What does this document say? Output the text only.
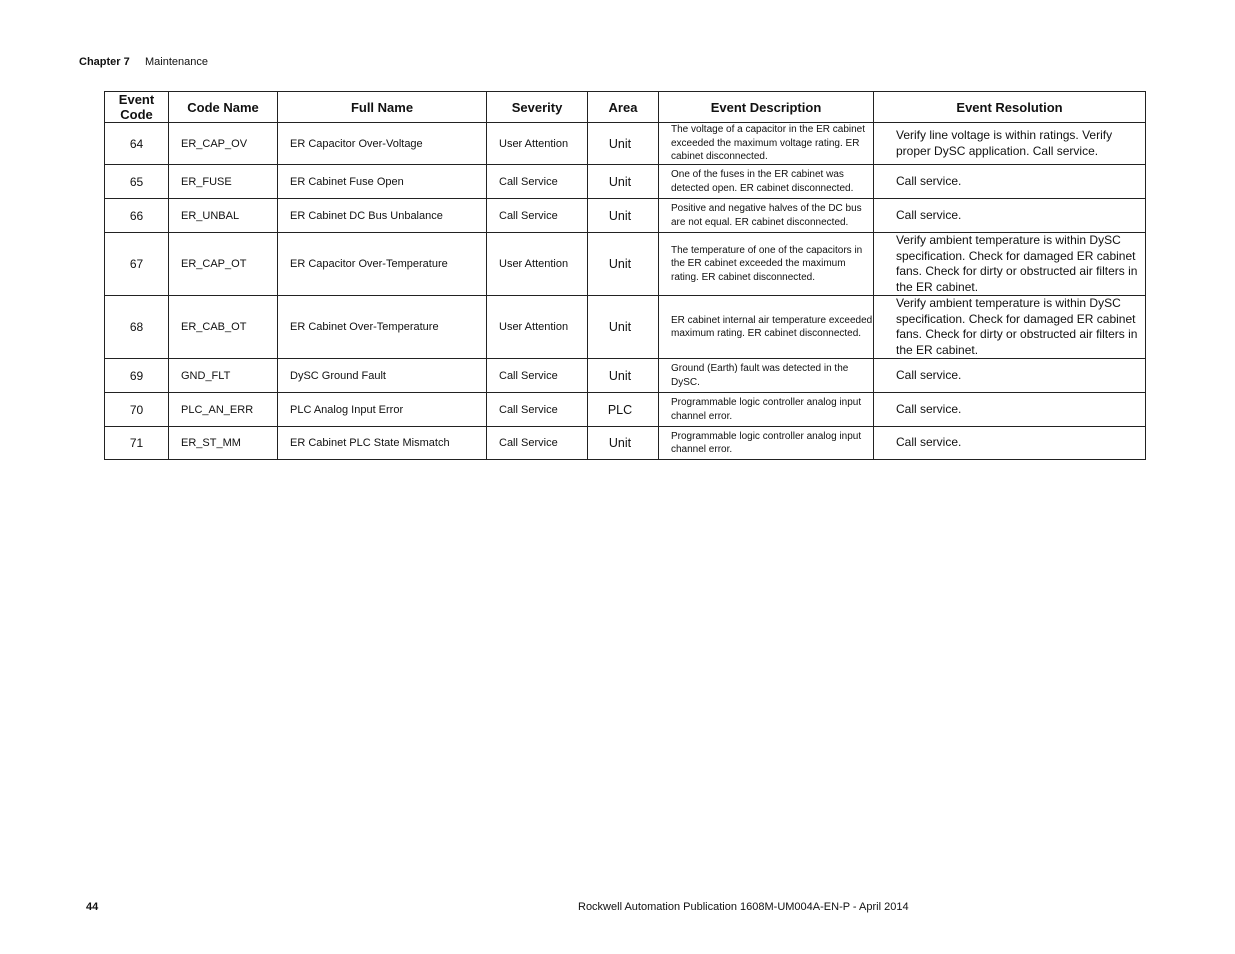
Chapter 7	Maintenance
Event Code	Code Name	Full Name	Severity	Area	Event Description	Event Resolution
64	ER_CAP_OV	ER Capacitor Over-Voltage	User Attention	Unit	The voltage of a capacitor in the ER cabinet exceeded the maximum voltage rating. ER cabinet disconnected.	Verify line voltage is within ratings. Verify proper DySC application. Call service.
65	ER_FUSE	ER Cabinet Fuse Open	Call Service	Unit	One of the fuses in the ER cabinet was detected open. ER cabinet disconnected.	Call service.
66	ER_UNBAL	ER Cabinet DC Bus Unbalance	Call Service	Unit	Positive and negative halves of the DC bus are not equal. ER cabinet disconnected.	Call service.
67	ER_CAP_OT	ER Capacitor Over-Temperature	User Attention	Unit	The temperature of one of the capacitors in the ER cabinet exceeded the maximum rating. ER cabinet disconnected.	Verify ambient temperature is within DySC specification. Check for damaged ER cabinet fans. Check for dirty or obstructed air filters in the ER cabinet.
68	ER_CAB_OT	ER Cabinet Over-Temperature	User Attention	Unit	ER cabinet internal air temperature exceeded maximum rating. ER cabinet disconnected.	Verify ambient temperature is within DySC specification. Check for damaged ER cabinet fans. Check for dirty or obstructed air filters in the ER cabinet.
69	GND_FLT	DySC Ground Fault	Call Service	Unit	Ground (Earth) fault was detected in the DySC.	Call service.
70	PLC_AN_ERR	PLC Analog Input Error	Call Service	PLC	Programmable logic controller analog input channel error.	Call service.
71	ER_ST_MM	ER Cabinet PLC State Mismatch	Call Service	Unit	Programmable logic controller analog input channel error.	Call service.
44	Rockwell Automation Publication 1608M-UM004A-EN-P - April 2014
